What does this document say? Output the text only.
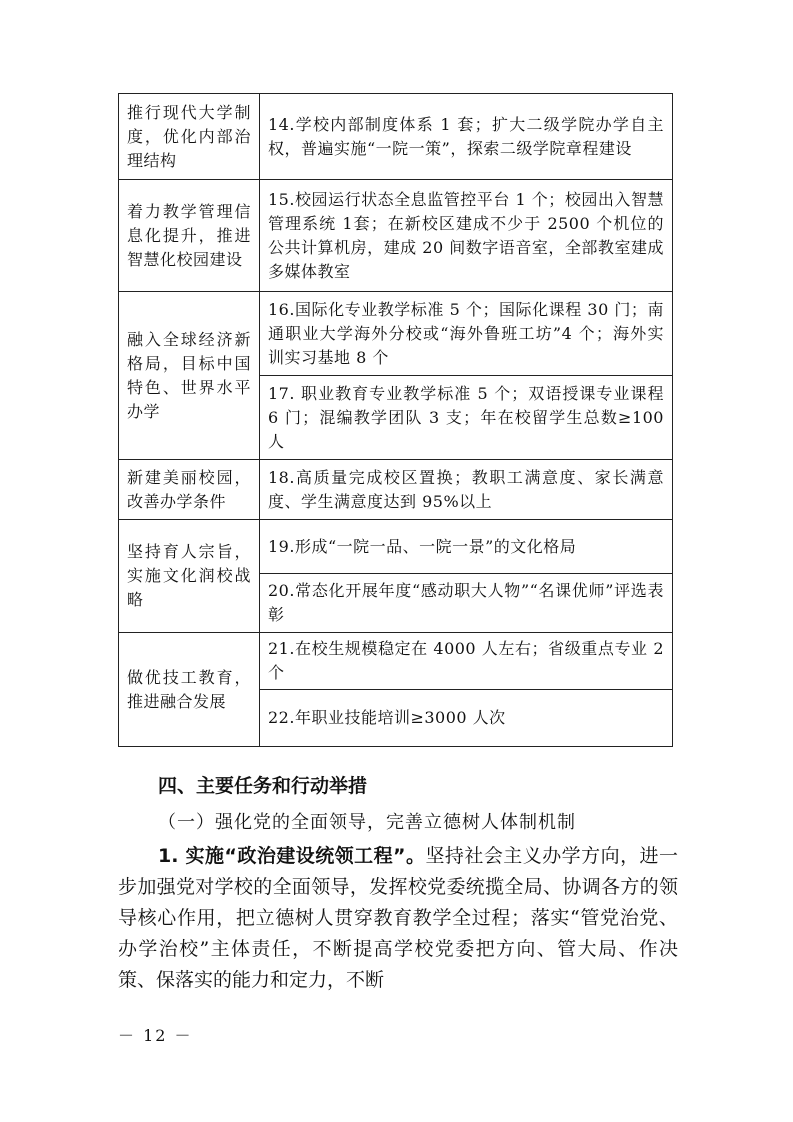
推行现代大学制度，优化内部治理结构	14.学校内部制度体系 1 套；扩大二级学院办学自主权，普遍实施“一院一策”，探索二级学院章程建设

着力教学管理信息化提升，推进智慧化校园建设	15.校园运行状态全息监管控平台 1 个；校园出入智慧管理系统 1套；在新校区建成不少于 2500 个机位的公共计算机房，建成 20 间数字语音室，全部教室建成多媒体教室

融入全球经济新格局，目标中国特色、世界水平办学	16.国际化专业教学标准 5 个；国际化课程 30 门；南通职业大学海外分校或“海外鲁班工坊”4 个；海外实训实习基地 8 个

	17. 职业教育专业教学标准 5 个；双语授课专业课程 6 门；混编教学团队 3 支；年在校留学生总数≥100 人

新建美丽校园，改善办学条件	18.高质量完成校区置换；教职工满意度、家长满意度、学生满意度达到 95%以上

坚持育人宗旨，实施文化润校战略	19.形成“一院一品、一院一景”的文化格局

	20.常态化开展年度“感动职大人物”“名课优师”评选表彰

做优技工教育，推进融合发展	21.在校生规模稳定在 4000 人左右；省级重点专业 2 个

	22.年职业技能培训≥3000 人次
四、主要任务和行动举措
（一）强化党的全面领导，完善立德树人体制机制
1. 实施“政治建设统领工程”。坚持社会主义办学方向，进一步加强党对学校的全面领导，发挥校党委统揽全局、协调各方的领导核心作用，把立德树人贯穿教育教学全过程；落实“管党治党、办学治校”主体责任，不断提高学校党委把方向、管大局、作决策、保落实的能力和定力，不断
－ 12 －
